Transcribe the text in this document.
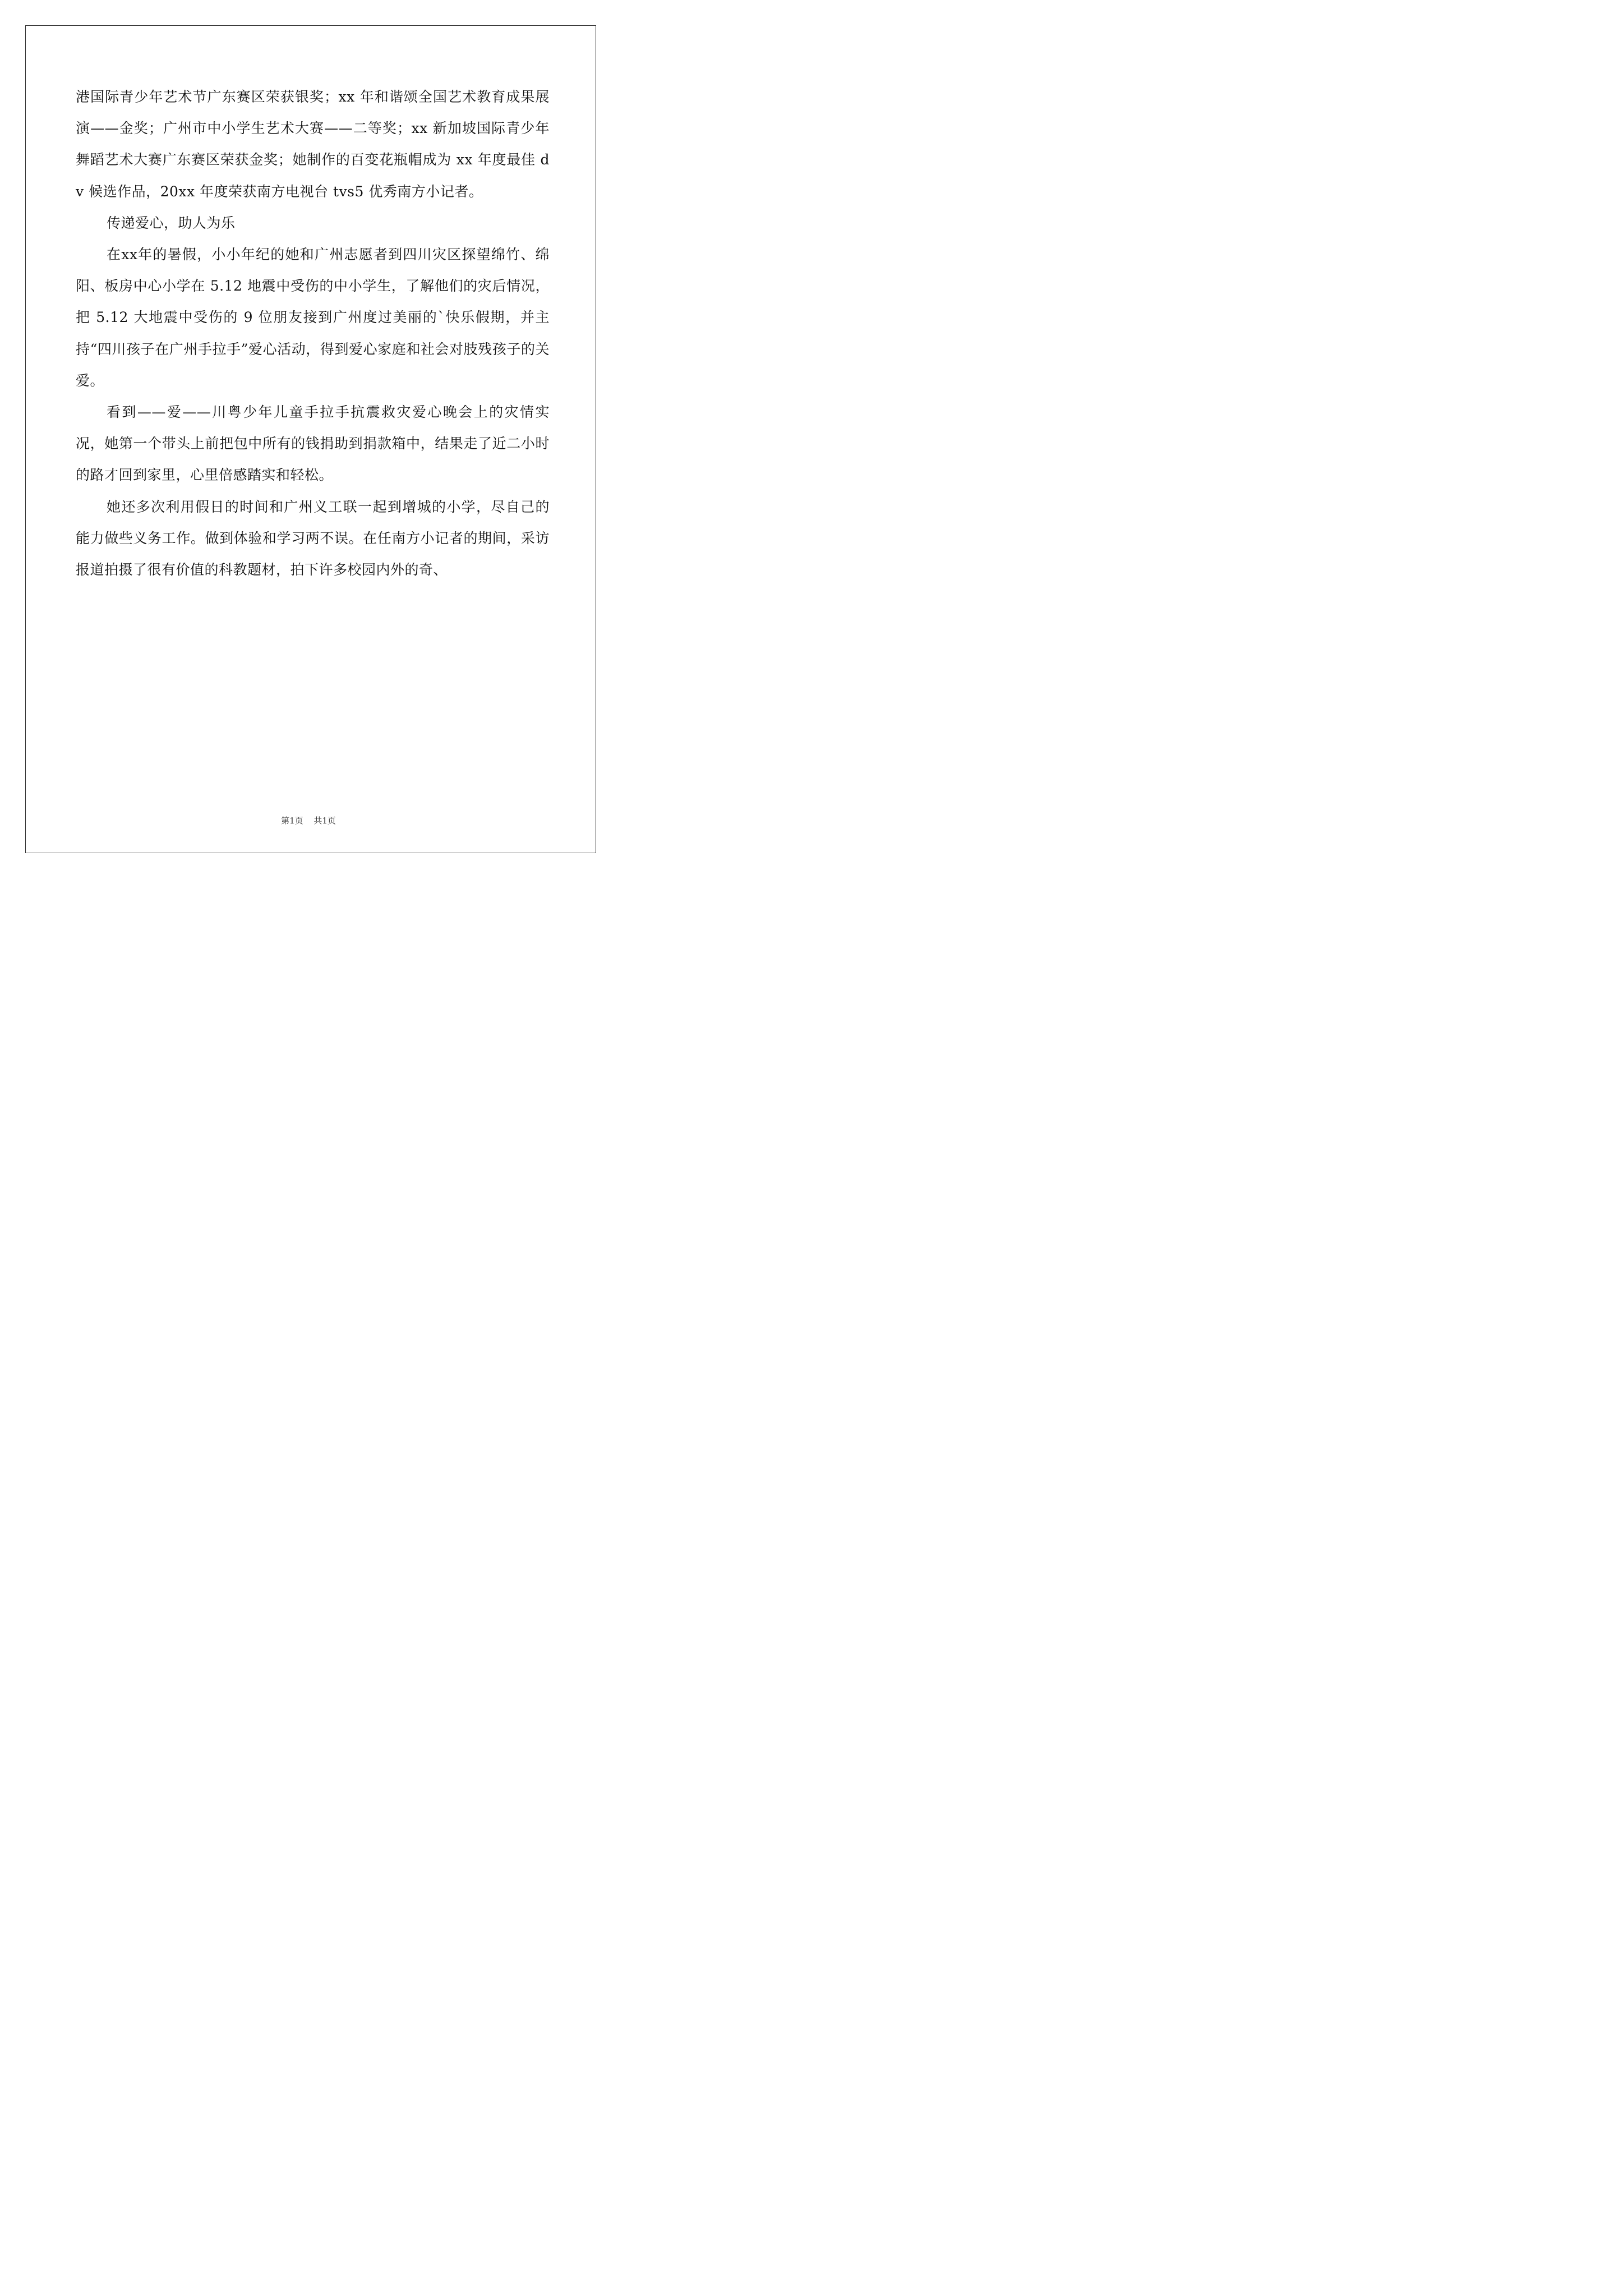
港国际青少年艺术节广东赛区荣获银奖；xx 年和谐颂全国艺术教育成果展演——金奖；广州市中小学生艺术大赛——二等奖；xx 新加坡国际青少年舞蹈艺术大赛广东赛区荣获金奖；她制作的百变花瓶帽成为 xx 年度最佳 dv 候选作品，20xx 年度荣获南方电视台 tvs5 优秀南方小记者。

传递爱心，助人为乐

在xx年的暑假，小小年纪的她和广州志愿者到四川灾区探望绵竹、绵阳、板房中心小学在 5.12 地震中受伤的中小学生，了解他们的灾后情况，把 5.12 大地震中受伤的 9 位朋友接到广州度过美丽的`快乐假期，并主持“四川孩子在广州手拉手”爱心活动，得到爱心家庭和社会对肢残孩子的关爱。

看到——爱——川粤少年儿童手拉手抗震救灾爱心晚会上的灾情实况，她第一个带头上前把包中所有的钱捐助到捐款箱中，结果走了近二小时的路才回到家里，心里倍感踏实和轻松。

她还多次利用假日的时间和广州义工联一起到增城的小学，尽自己的能力做些义务工作。做到体验和学习两不误。在任南方小记者的期间，采访报道拍摄了很有价值的科教题材，拍下许多校园内外的奇、

第1页 共1页
